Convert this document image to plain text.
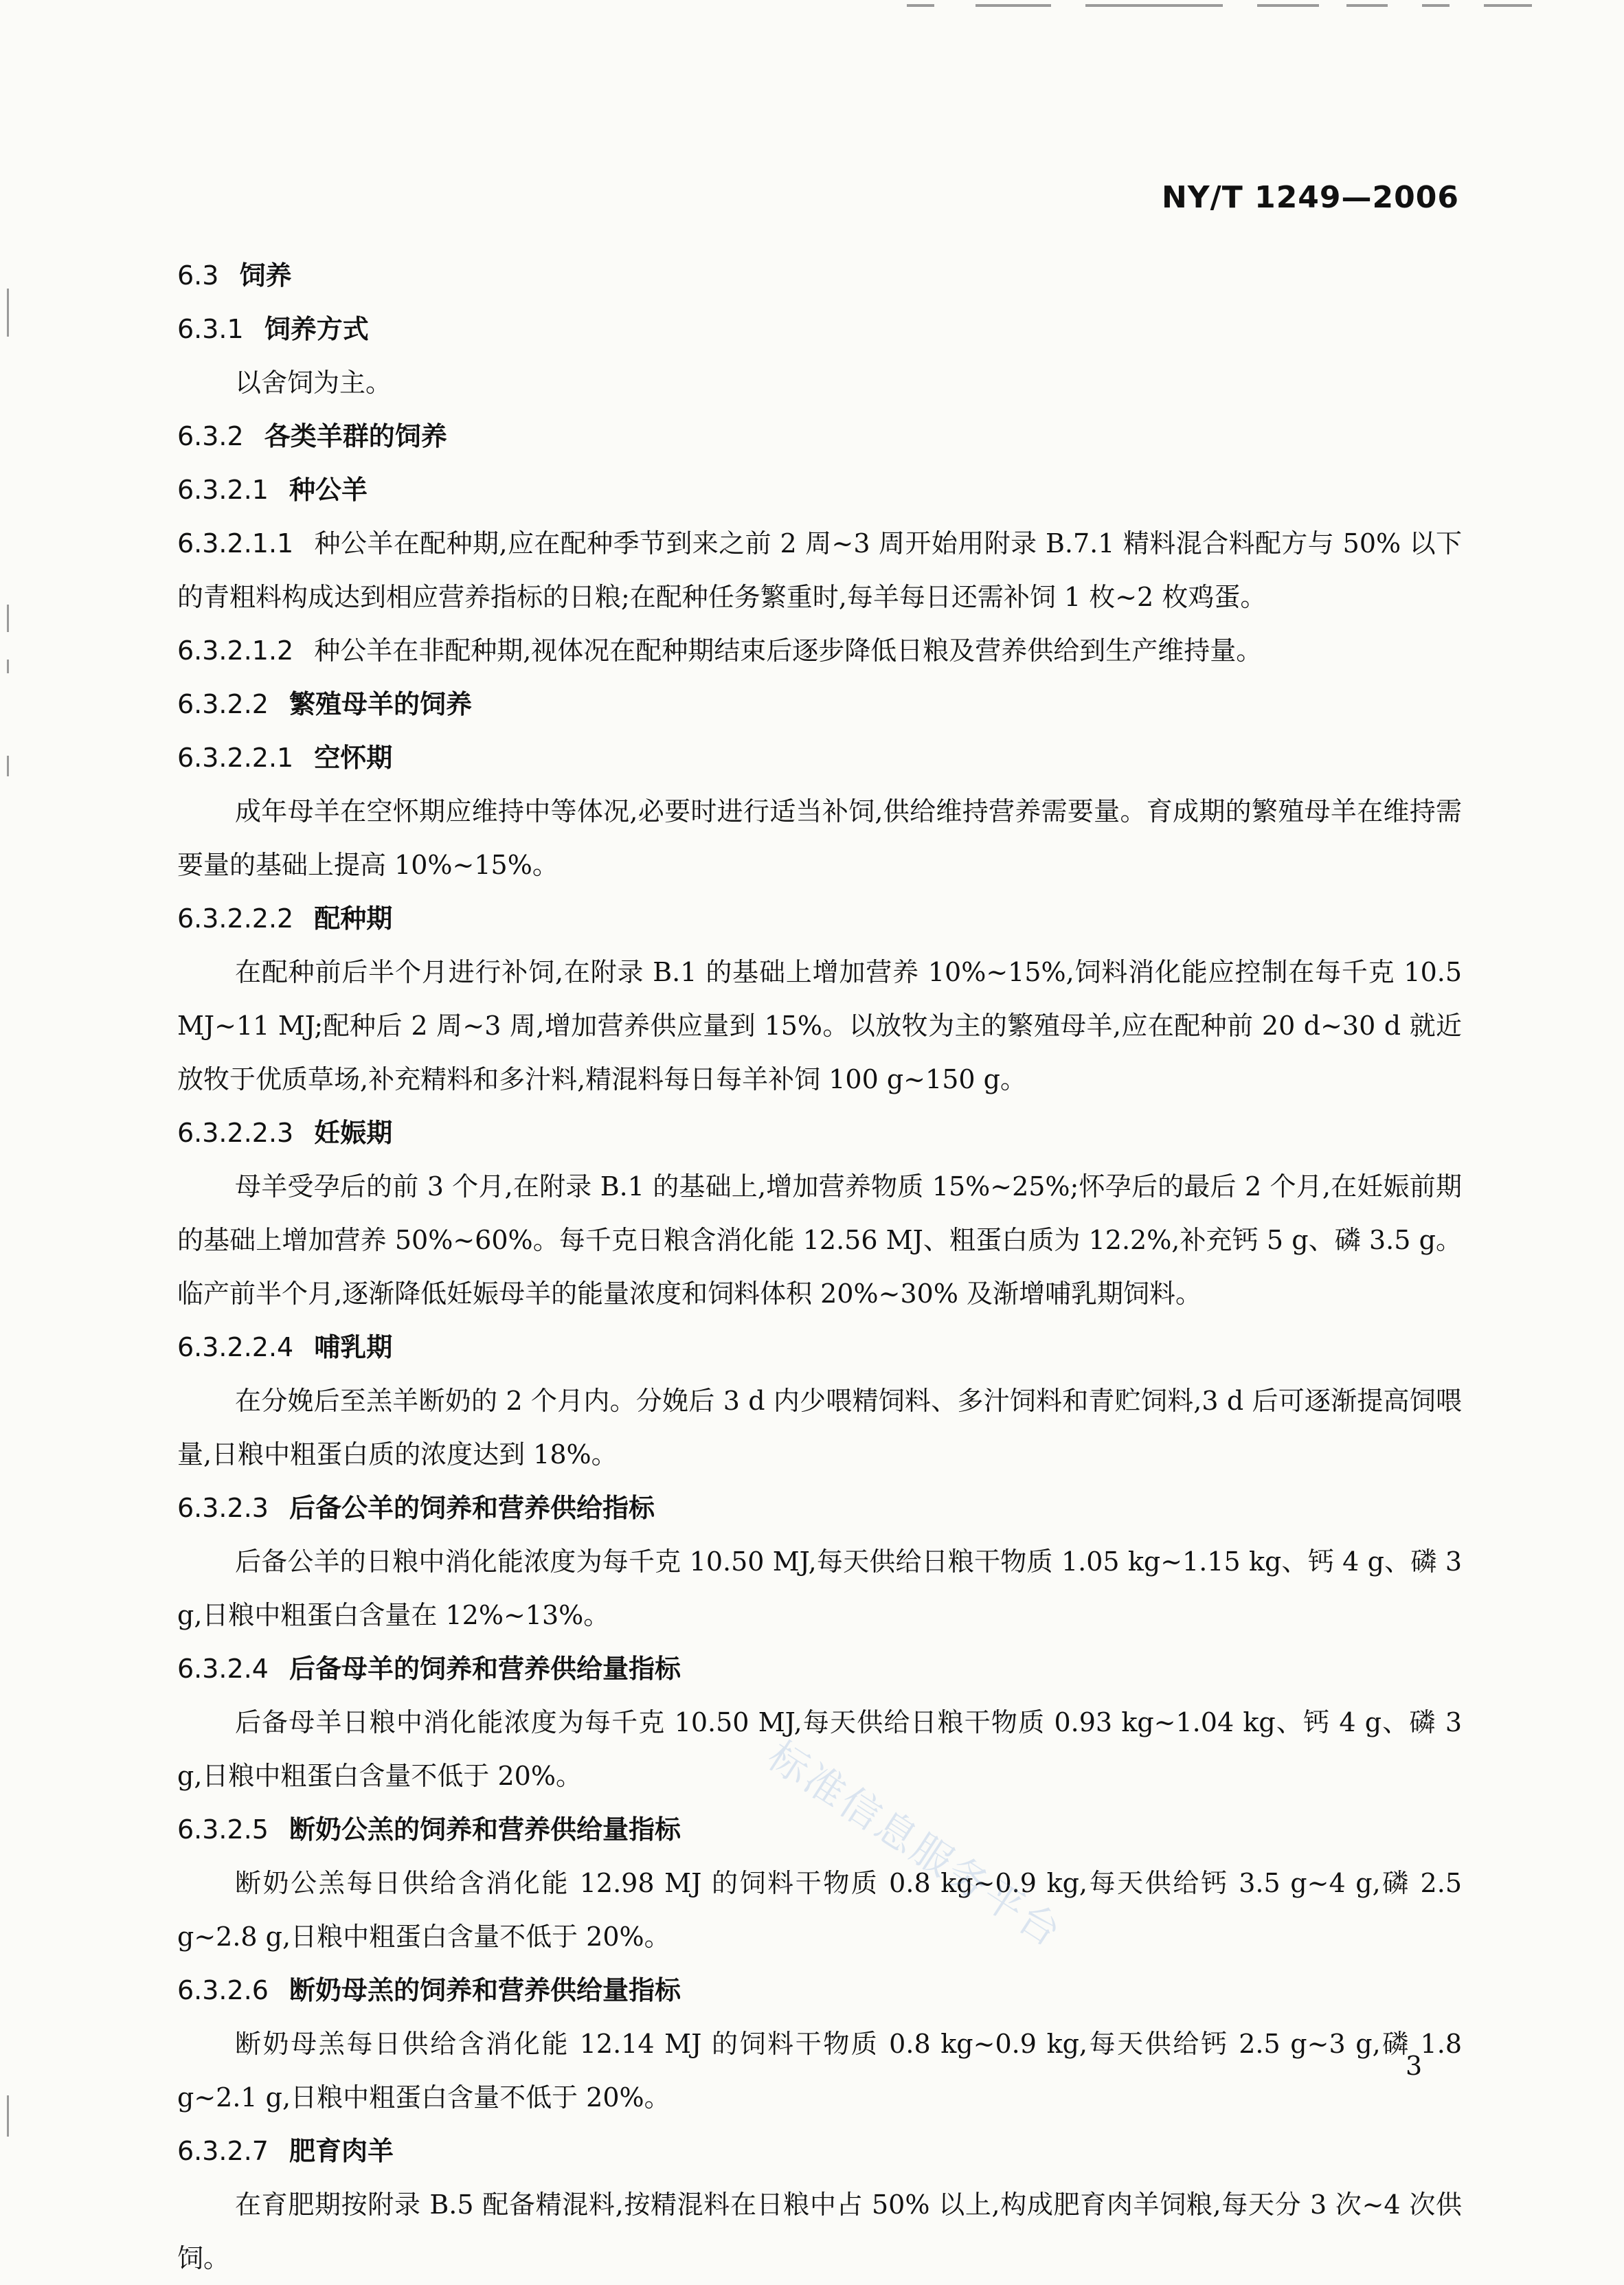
NY/T 1249—2006

6.3 饲养
6.3.1 饲养方式

以舍饲为主。

6.3.2 各类羊群的饲养
6.3.2.1 种公羊

6.3.2.1.1 种公羊在配种期,应在配种季节到来之前 2 周~3 周开始用附录 B.7.1 精料混合料配方与 50% 以下的青粗料构成达到相应营养指标的日粮;在配种任务繁重时,每羊每日还需补饲 1 枚~2 枚鸡蛋。

6.3.2.1.2 种公羊在非配种期,视体况在配种期结束后逐步降低日粮及营养供给到生产维持量。

6.3.2.2 繁殖母羊的饲养
6.3.2.2.1 空怀期

成年母羊在空怀期应维持中等体况,必要时进行适当补饲,供给维持营养需要量。育成期的繁殖母羊在维持需要量的基础上提高 10%~15%。

6.3.2.2.2 配种期

在配种前后半个月进行补饲,在附录 B.1 的基础上增加营养 10%~15%,饲料消化能应控制在每千克 10.5 MJ~11 MJ;配种后 2 周~3 周,增加营养供应量到 15%。以放牧为主的繁殖母羊,应在配种前 20 d~30 d 就近放牧于优质草场,补充精料和多汁料,精混料每日每羊补饲 100 g~150 g。

6.3.2.2.3 妊娠期

母羊受孕后的前 3 个月,在附录 B.1 的基础上,增加营养物质 15%~25%;怀孕后的最后 2 个月,在妊娠前期的基础上增加营养 50%~60%。每千克日粮含消化能 12.56 MJ、粗蛋白质为 12.2%,补充钙 5 g、磷 3.5 g。临产前半个月,逐渐降低妊娠母羊的能量浓度和饲料体积 20%~30% 及渐增哺乳期饲料。

6.3.2.2.4 哺乳期

在分娩后至羔羊断奶的 2 个月内。分娩后 3 d 内少喂精饲料、多汁饲料和青贮饲料,3 d 后可逐渐提高饲喂量,日粮中粗蛋白质的浓度达到 18%。

6.3.2.3 后备公羊的饲养和营养供给指标

后备公羊的日粮中消化能浓度为每千克 10.50 MJ,每天供给日粮干物质 1.05 kg~1.15 kg、钙 4 g、磷 3 g,日粮中粗蛋白含量在 12%~13%。

6.3.2.4 后备母羊的饲养和营养供给量指标

后备母羊日粮中消化能浓度为每千克 10.50 MJ,每天供给日粮干物质 0.93 kg~1.04 kg、钙 4 g、磷 3 g,日粮中粗蛋白含量不低于 20%。

6.3.2.5 断奶公羔的饲养和营养供给量指标

断奶公羔每日供给含消化能 12.98 MJ 的饲料干物质 0.8 kg~0.9 kg,每天供给钙 3.5 g~4 g,磷 2.5 g~2.8 g,日粮中粗蛋白含量不低于 20%。

6.3.2.6 断奶母羔的饲养和营养供给量指标

断奶母羔每日供给含消化能 12.14 MJ 的饲料干物质 0.8 kg~0.9 kg,每天供给钙 2.5 g~3 g,磷 1.8 g~2.1 g,日粮中粗蛋白含量不低于 20%。

6.3.2.7 肥育肉羊

在育肥期按附录 B.5 配备精混料,按精混料在日粮中占 50% 以上,构成肥育肉羊饲粮,每天分 3 次~4 次供饲。

标准信息服务平台

3
